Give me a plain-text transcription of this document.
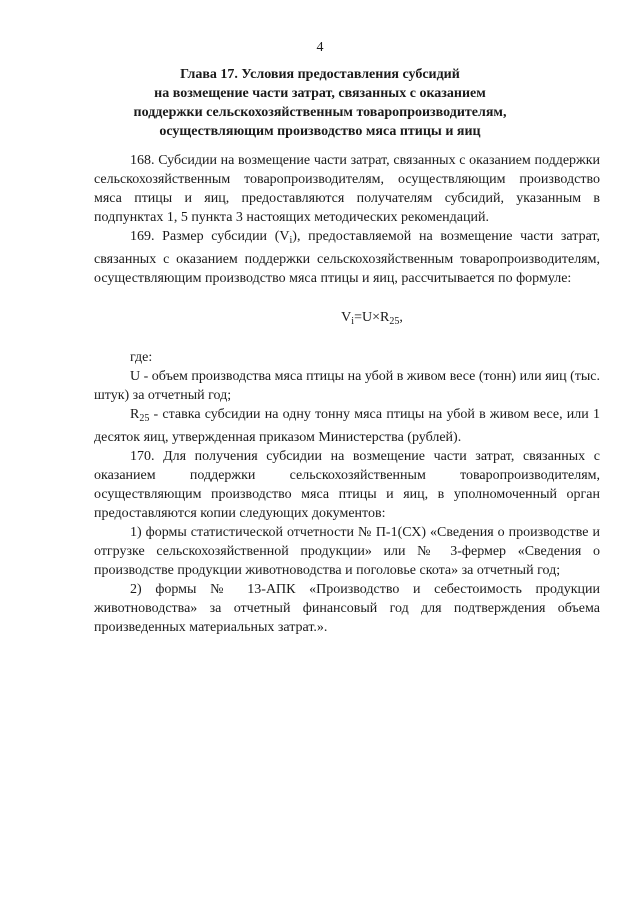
4
Глава 17. Условия предоставления субсидий
на возмещение части затрат, связанных с оказанием
поддержки сельскохозяйственным товаропроизводителям,
осуществляющим производство мяса птицы и яиц

168. Субсидии на возмещение части затрат, связанных с оказанием поддержки сельскохозяйственным товаропроизводителям, осуществляющим производство мяса птицы и яиц, предоставляются получателям субсидий, указанным в подпунктах 1, 5 пункта 3 настоящих методических рекомендаций.

169. Размер субсидии $(V_i)$, предоставляемой на возмещение части затрат, связанных с оказанием поддержки сельскохозяйственным товаропроизводителям, осуществляющим производство мяса птицы и яиц, рассчитывается по формуле:

$V_i=U\times R_{25}$,

где:

U - объем производства мяса птицы на убой в живом весе (тонн) или яиц (тыс. штук) за отчетный год;

$R_{25}$ - ставка субсидии на одну тонну мяса птицы на убой в живом весе, или 1 десяток яиц, утвержденная приказом Министерства (рублей).

170. Для получения субсидии на возмещение части затрат, связанных с оказанием поддержки сельскохозяйственным товаропроизводителям, осуществляющим производство мяса птицы и яиц, в уполномоченный орган предоставляются копии следующих документов:

1) формы статистической отчетности № П-1(СХ) «Сведения о производстве и отгрузке сельскохозяйственной продукции» или № 3-фермер «Сведения о производстве продукции животноводства и поголовье скота» за отчетный год;

2) формы № 13-АПК «Производство и себестоимость продукции животноводства» за отчетный финансовый год для подтверждения объема произведенных материальных затрат.».
